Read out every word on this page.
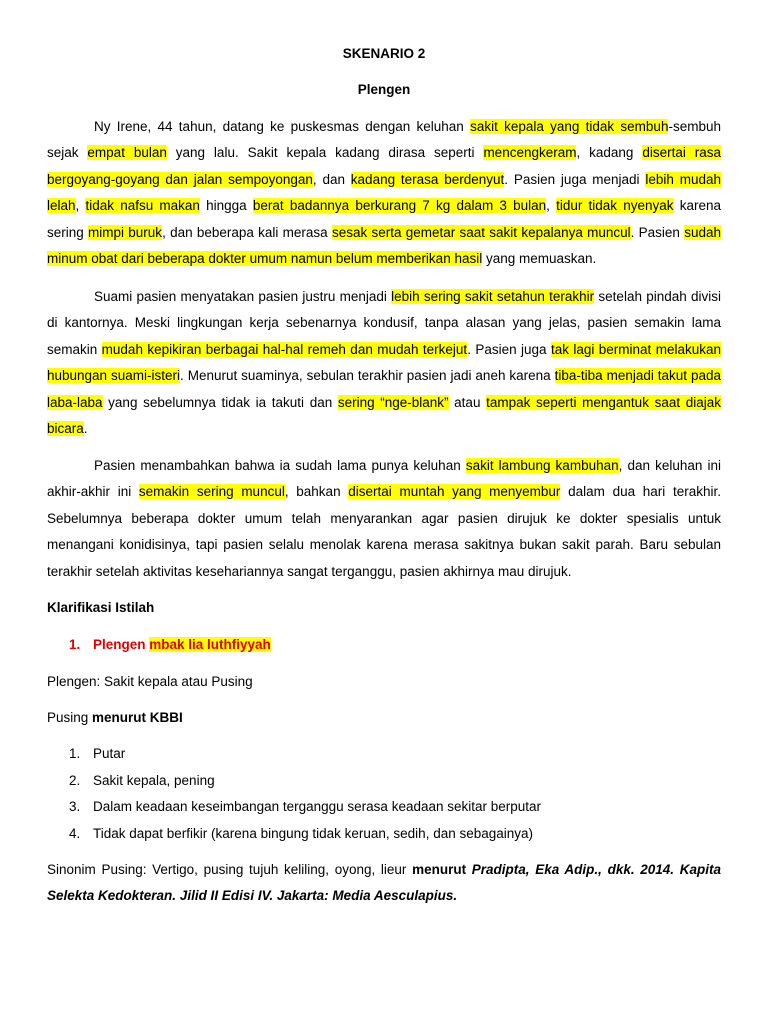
SKENARIO 2
Plengen

Ny Irene, 44 tahun, datang ke puskesmas dengan keluhan sakit kepala yang tidak sembuh-sembuh sejak empat bulan yang lalu. Sakit kepala kadang dirasa seperti mencengkeram, kadang disertai rasa bergoyang-goyang dan jalan sempoyongan, dan kadang terasa berdenyut. Pasien juga menjadi lebih mudah lelah, tidak nafsu makan hingga berat badannya berkurang 7 kg dalam 3 bulan, tidur tidak nyenyak karena sering mimpi buruk, dan beberapa kali merasa sesak serta gemetar saat sakit kepalanya muncul. Pasien sudah minum obat dari beberapa dokter umum namun belum memberikan hasil yang memuaskan.

Suami pasien menyatakan pasien justru menjadi lebih sering sakit setahun terakhir setelah pindah divisi di kantornya. Meski lingkungan kerja sebenarnya kondusif, tanpa alasan yang jelas, pasien semakin lama semakin mudah kepikiran berbagai hal-hal remeh dan mudah terkejut. Pasien juga tak lagi berminat melakukan hubungan suami-isteri. Menurut suaminya, sebulan terakhir pasien jadi aneh karena tiba-tiba menjadi takut pada laba-laba yang sebelumnya tidak ia takuti dan sering “nge-blank” atau tampak seperti mengantuk saat diajak bicara.

Pasien menambahkan bahwa ia sudah lama punya keluhan sakit lambung kambuhan, dan keluhan ini akhir-akhir ini semakin sering muncul, bahkan disertai muntah yang menyembur dalam dua hari terakhir. Sebelumnya beberapa dokter umum telah menyarankan agar pasien dirujuk ke dokter spesialis untuk menangani konidisinya, tapi pasien selalu menolak karena merasa sakitnya bukan sakit parah. Baru sebulan terakhir setelah aktivitas kesehariannya sangat terganggu, pasien akhirnya mau dirujuk.

Klarifikasi Istilah
1. Plengen mbak lia luthfiyyah
Plengen: Sakit kepala atau Pusing
Pusing menurut KBBI
1. Putar
2. Sakit kepala, pening
3. Dalam keadaan keseimbangan terganggu serasa keadaan sekitar berputar
4. Tidak dapat berfikir (karena bingung tidak keruan, sedih, dan sebagainya)

Sinonim Pusing: Vertigo, pusing tujuh keliling, oyong, lieur menurut Pradipta, Eka Adip., dkk. 2014. Kapita Selekta Kedokteran. Jilid II Edisi IV. Jakarta: Media Aesculapius.
